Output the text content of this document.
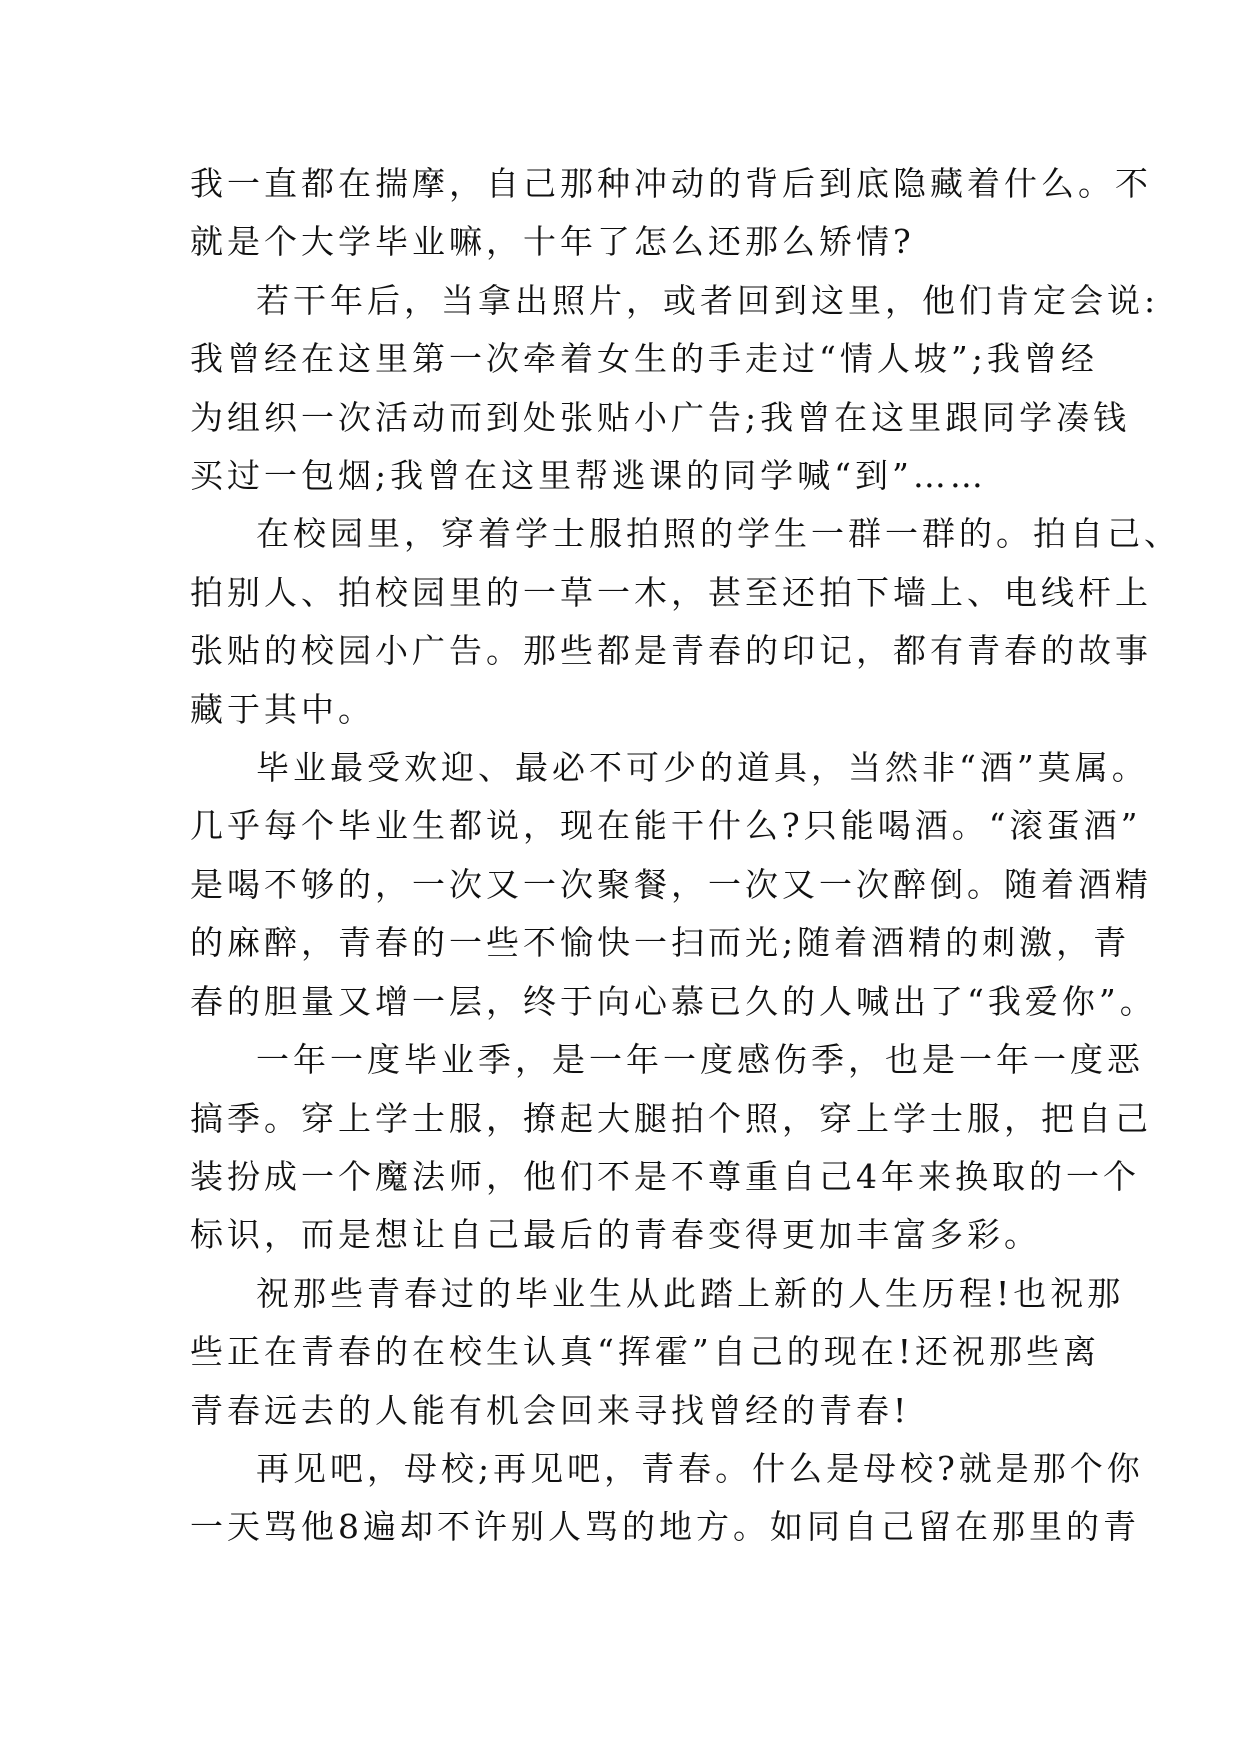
我一直都在揣摩，自己那种冲动的背后到底隐藏着什么。不
就是个大学毕业嘛，十年了怎么还那么矫情?

若干年后，当拿出照片，或者回到这里，他们肯定会说:
我曾经在这里第一次牵着女生的手走过“情人坡”;我曾经
为组织一次活动而到处张贴小广告;我曾在这里跟同学凑钱
买过一包烟;我曾在这里帮逃课的同学喊“到”……

在校园里，穿着学士服拍照的学生一群一群的。拍自己、
拍别人、拍校园里的一草一木，甚至还拍下墙上、电线杆上
张贴的校园小广告。那些都是青春的印记，都有青春的故事
藏于其中。

毕业最受欢迎、最必不可少的道具，当然非“酒”莫属。
几乎每个毕业生都说，现在能干什么?只能喝酒。“滚蛋酒”
是喝不够的，一次又一次聚餐，一次又一次醉倒。随着酒精
的麻醉，青春的一些不愉快一扫而光;随着酒精的刺激，青
春的胆量又增一层，终于向心慕已久的人喊出了“我爱你”。

一年一度毕业季，是一年一度感伤季，也是一年一度恶
搞季。穿上学士服，撩起大腿拍个照，穿上学士服，把自己
装扮成一个魔法师，他们不是不尊重自己4年来换取的一个
标识，而是想让自己最后的青春变得更加丰富多彩。

祝那些青春过的毕业生从此踏上新的人生历程!也祝那
些正在青春的在校生认真“挥霍”自己的现在!还祝那些离
青春远去的人能有机会回来寻找曾经的青春!

再见吧，母校;再见吧，青春。什么是母校?就是那个你
一天骂他8遍却不许别人骂的地方。如同自己留在那里的青
